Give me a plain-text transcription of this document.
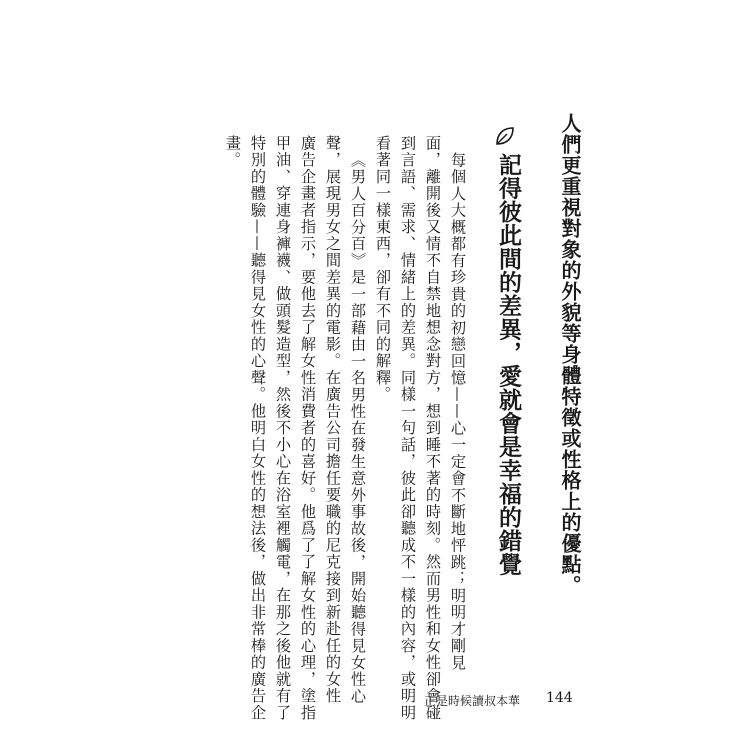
人們更重視對象的外貌等身體特徵或性格上的優點。
記得彼此間的差異，愛就會是幸福的錯覺
每個人大概都有珍貴的初戀回憶——心一定會不斷地怦跳；明明才剛見
面，離開後又情不自禁地想念對方，想到睡不著的時刻。然而男性和女性卻會碰
到言語、需求、情緒上的差異。同樣一句話，彼此卻聽成不一樣的內容，或明明
看著同一樣東西，卻有不同的解釋。
《男人百分百》是一部藉由一名男性在發生意外事故後，開始聽得見女性心
聲，展現男女之間差異的電影。在廣告公司擔任要職的尼克接到新赴任的女性
廣告企畫者指示，要他去了解女性消費者的喜好。他爲了了解女性的心理，塗指
甲油、穿連身褲襪、做頭髮造型，然後不小心在浴室裡觸電，在那之後他就有了
特別的體驗——聽得見女性的心聲。他明白女性的想法後，做出非常棒的廣告企
畫。
正是時候讀叔本華 144
